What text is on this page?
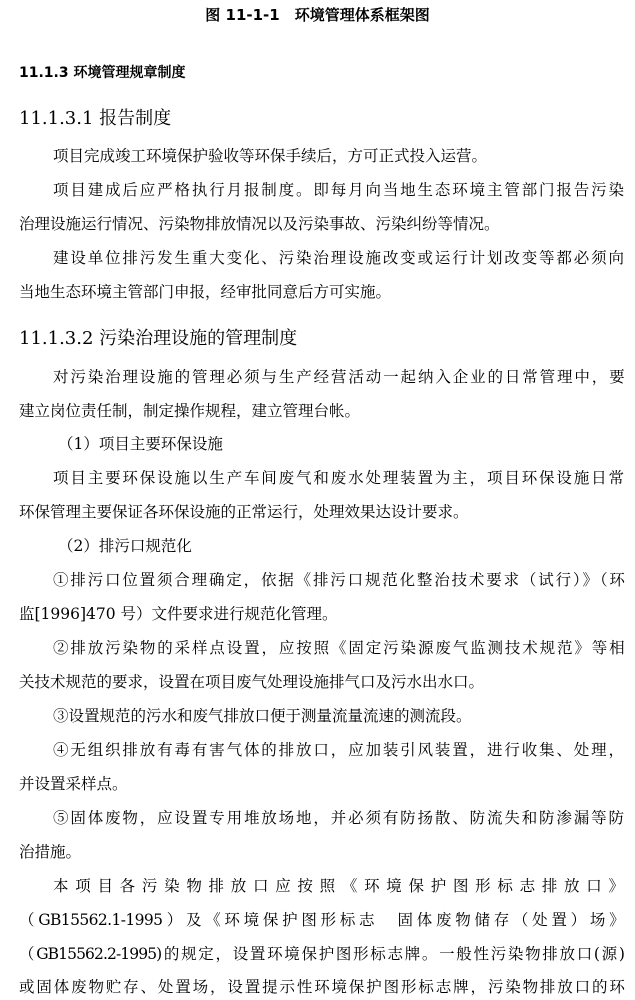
图 11-1-1　环境管理体系框架图
11.1.3 环境管理规章制度
11.1.3.1 报告制度
项目完成竣工环境保护验收等环保手续后，方可正式投入运营。
项目建成后应严格执行月报制度。即每月向当地生态环境主管部门报告污染
治理设施运行情况、污染物排放情况以及污染事故、污染纠纷等情况。
建设单位排污发生重大变化、污染治理设施改变或运行计划改变等都必须向
当地生态环境主管部门申报，经审批同意后方可实施。
11.1.3.2 污染治理设施的管理制度
对污染治理设施的管理必须与生产经营活动一起纳入企业的日常管理中，要
建立岗位责任制，制定操作规程，建立管理台帐。
（1）项目主要环保设施
项目主要环保设施以生产车间废气和废水处理装置为主，项目环保设施日常
环保管理主要保证各环保设施的正常运行，处理效果达设计要求。
（2）排污口规范化
①排污口位置须合理确定，依据《排污口规范化整治技术要求（试行）》（环
监[1996]470 号）文件要求进行规范化管理。
②排放污染物的采样点设置，应按照《固定污染源废气监测技术规范》等相
关技术规范的要求，设置在项目废气处理设施排气口及污水出水口。
③设置规范的污水和废气排放口便于测量流量流速的测流段。
④无组织排放有毒有害气体的排放口，应加装引风装置，进行收集、处理，
并设置采样点。
⑤固体废物，应设置专用堆放场地，并必须有防扬散、防流失和防渗漏等防
治措施。
本项目各污染物排放口应按照《环境保护图形标志排放口》
（GB15562.1-1995）及《环境保护图形标志　固体废物储存（处置）场》
（GB15562.2-1995)的规定，设置环境保护图形标志牌。一般性污染物排放口(源)
或固体废物贮存、处置场，设置提示性环境保护图形标志牌，污染物排放口的环
